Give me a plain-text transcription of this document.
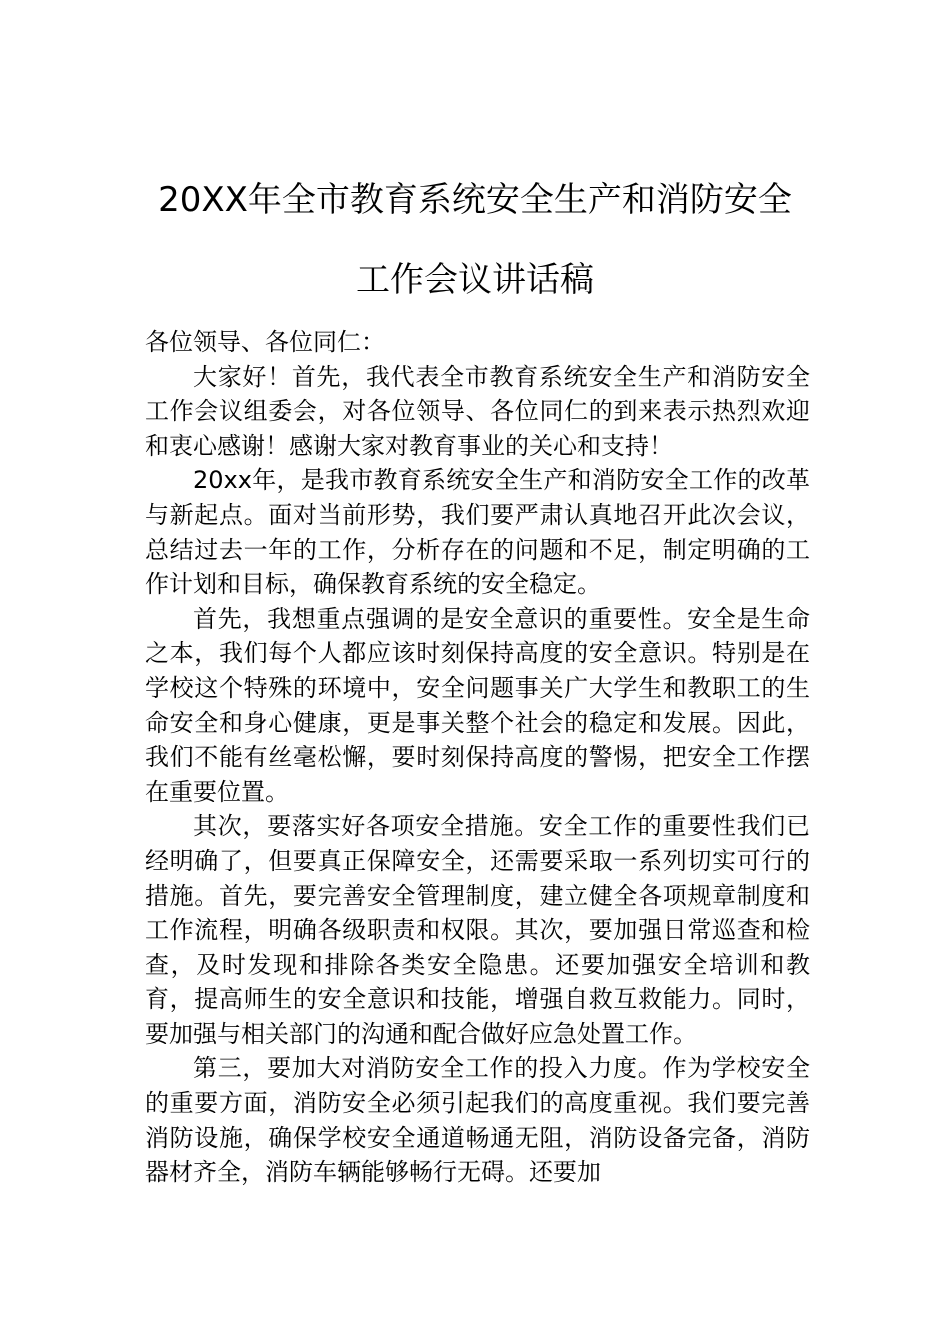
20XX年全市教育系统安全生产和消防安全
工作会议讲话稿

各位领导、各位同仁：

大家好！首先，我代表全市教育系统安全生产和消防安全工作会议组委会，对各位领导、各位同仁的到来表示热烈欢迎和衷心感谢！感谢大家对教育事业的关心和支持！

20xx年，是我市教育系统安全生产和消防安全工作的改革与新起点。面对当前形势，我们要严肃认真地召开此次会议，总结过去一年的工作，分析存在的问题和不足，制定明确的工作计划和目标，确保教育系统的安全稳定。

首先，我想重点强调的是安全意识的重要性。安全是生命之本，我们每个人都应该时刻保持高度的安全意识。特别是在学校这个特殊的环境中，安全问题事关广大学生和教职工的生命安全和身心健康，更是事关整个社会的稳定和发展。因此，我们不能有丝毫松懈，要时刻保持高度的警惕，把安全工作摆在重要位置。

其次，要落实好各项安全措施。安全工作的重要性我们已经明确了，但要真正保障安全，还需要采取一系列切实可行的措施。首先，要完善安全管理制度，建立健全各项规章制度和工作流程，明确各级职责和权限。其次，要加强日常巡查和检查，及时发现和排除各类安全隐患。还要加强安全培训和教育，提高师生的安全意识和技能，增强自救互救能力。同时，要加强与相关部门的沟通和配合做好应急处置工作。

第三，要加大对消防安全工作的投入力度。作为学校安全的重要方面，消防安全必须引起我们的高度重视。我们要完善消防设施，确保学校安全通道畅通无阻，消防设备完备，消防器材齐全，消防车辆能够畅行无碍。还要加
